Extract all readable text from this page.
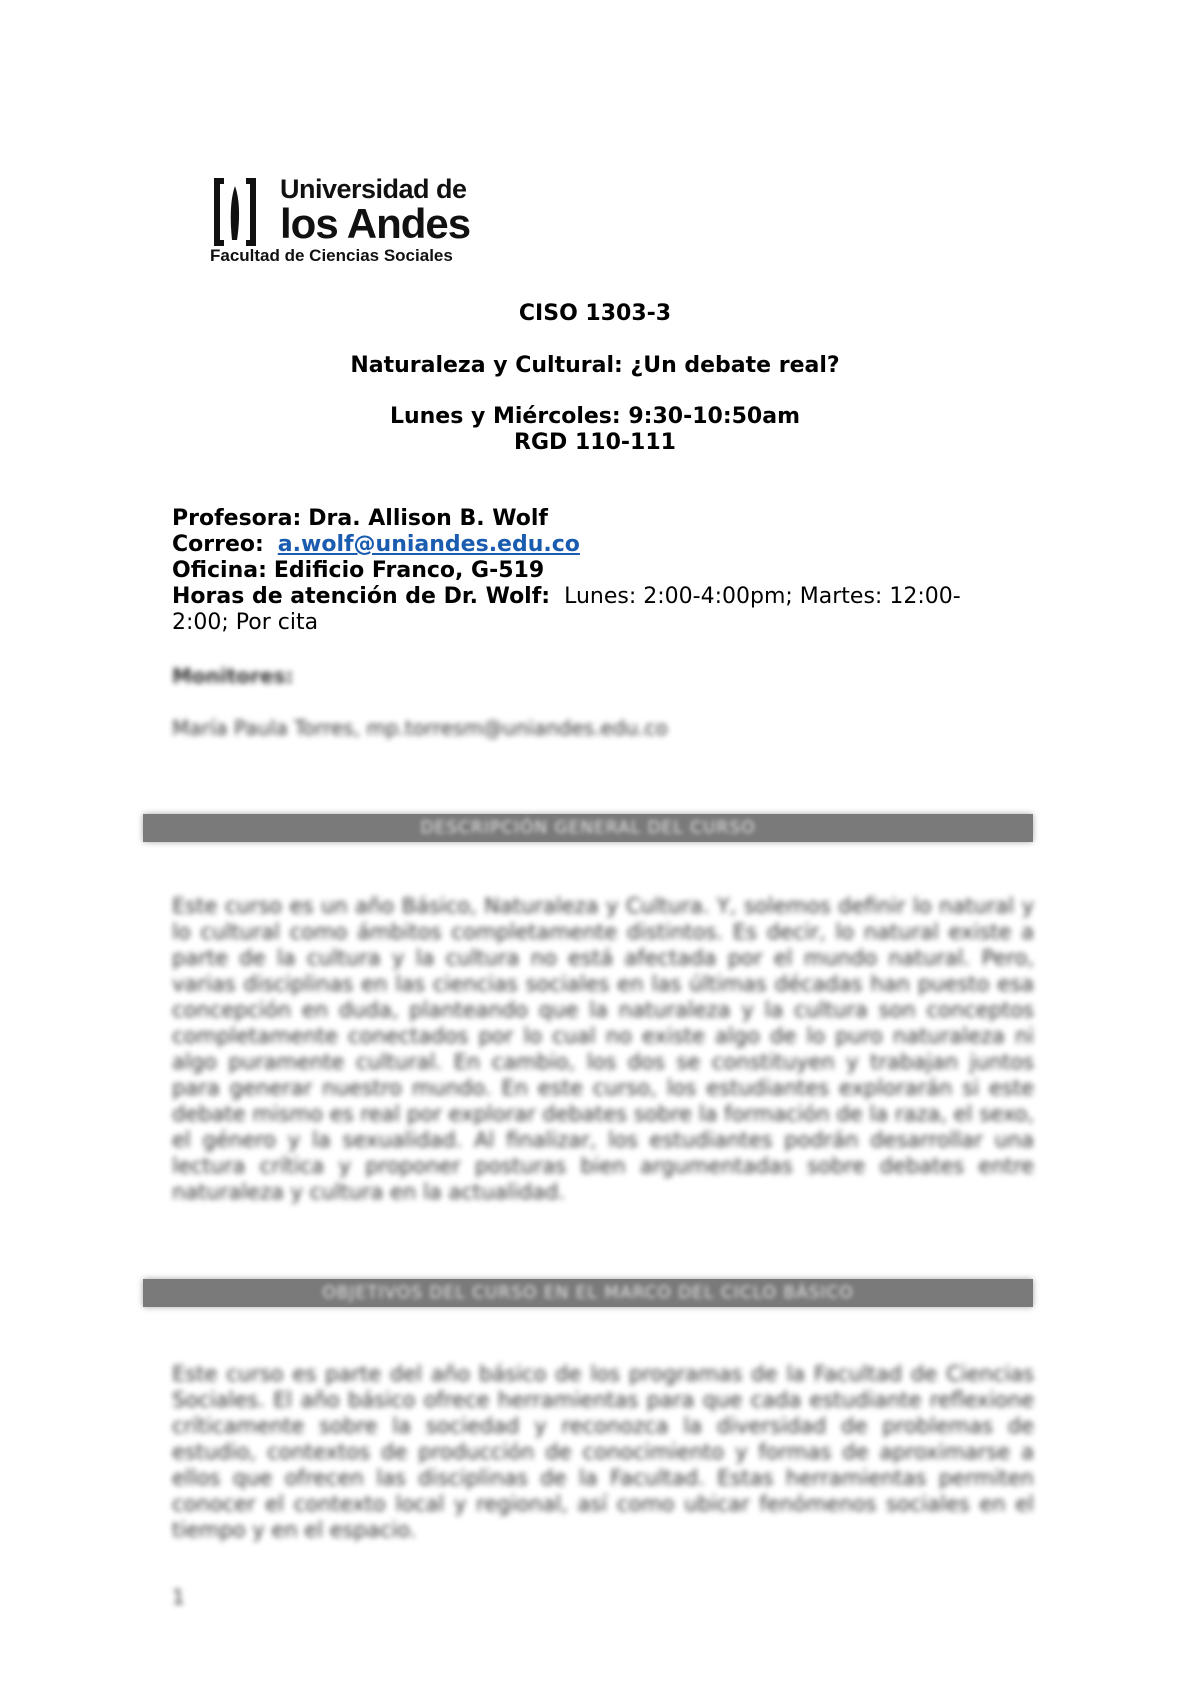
Universidad de
los Andes
Facultad de Ciencias Sociales
CISO 1303-3
Naturaleza y Cultural: ¿Un debate real?
Lunes y Miércoles: 9:30-10:50am
RGD 110-111
Profesora: Dra. Allison B. Wolf
Correo: a.wolf@uniandes.edu.co
Oficina: Edificio Franco, G-519
Horas de atención de Dr. Wolf: Lunes: 2:00-4:00pm; Martes: 12:00-2:00; Por cita
Monitores:
María Paula Torres, mp.torresm@uniandes.edu.co
DESCRIPCIÓN GENERAL DEL CURSO
Este curso es un año Básico, Naturaleza y Cultura. Y, solemos definir lo natural y lo cultural como ámbitos completamente distintos. Es decir, lo natural existe a parte de la cultura y la cultura no está afectada por el mundo natural. Pero, varias disciplinas en las ciencias sociales en las últimas décadas han puesto esa concepción en duda, planteando que la naturaleza y la cultura son conceptos completamente conectados por lo cual no existe algo de lo puro naturaleza ni algo puramente cultural. En cambio, los dos se constituyen y trabajan juntos para generar nuestro mundo. En este curso, los estudiantes explorarán si este debate mismo es real por explorar debates sobre la formación de la raza, el sexo, el género y la sexualidad. Al finalizar, los estudiantes podrán desarrollar una lectura crítica y proponer posturas bien argumentadas sobre debates entre naturaleza y cultura en la actualidad.
OBJETIVOS DEL CURSO EN EL MARCO DEL CICLO BÁSICO
Este curso es parte del año básico de los programas de la Facultad de Ciencias Sociales. El año básico ofrece herramientas para que cada estudiante reflexione críticamente sobre la sociedad y reconozca la diversidad de problemas de estudio, contextos de producción de conocimiento y formas de aproximarse a ellos que ofrecen las disciplinas de la Facultad. Estas herramientas permiten conocer el contexto local y regional, así como ubicar fenómenos sociales en el tiempo y en el espacio.
1
